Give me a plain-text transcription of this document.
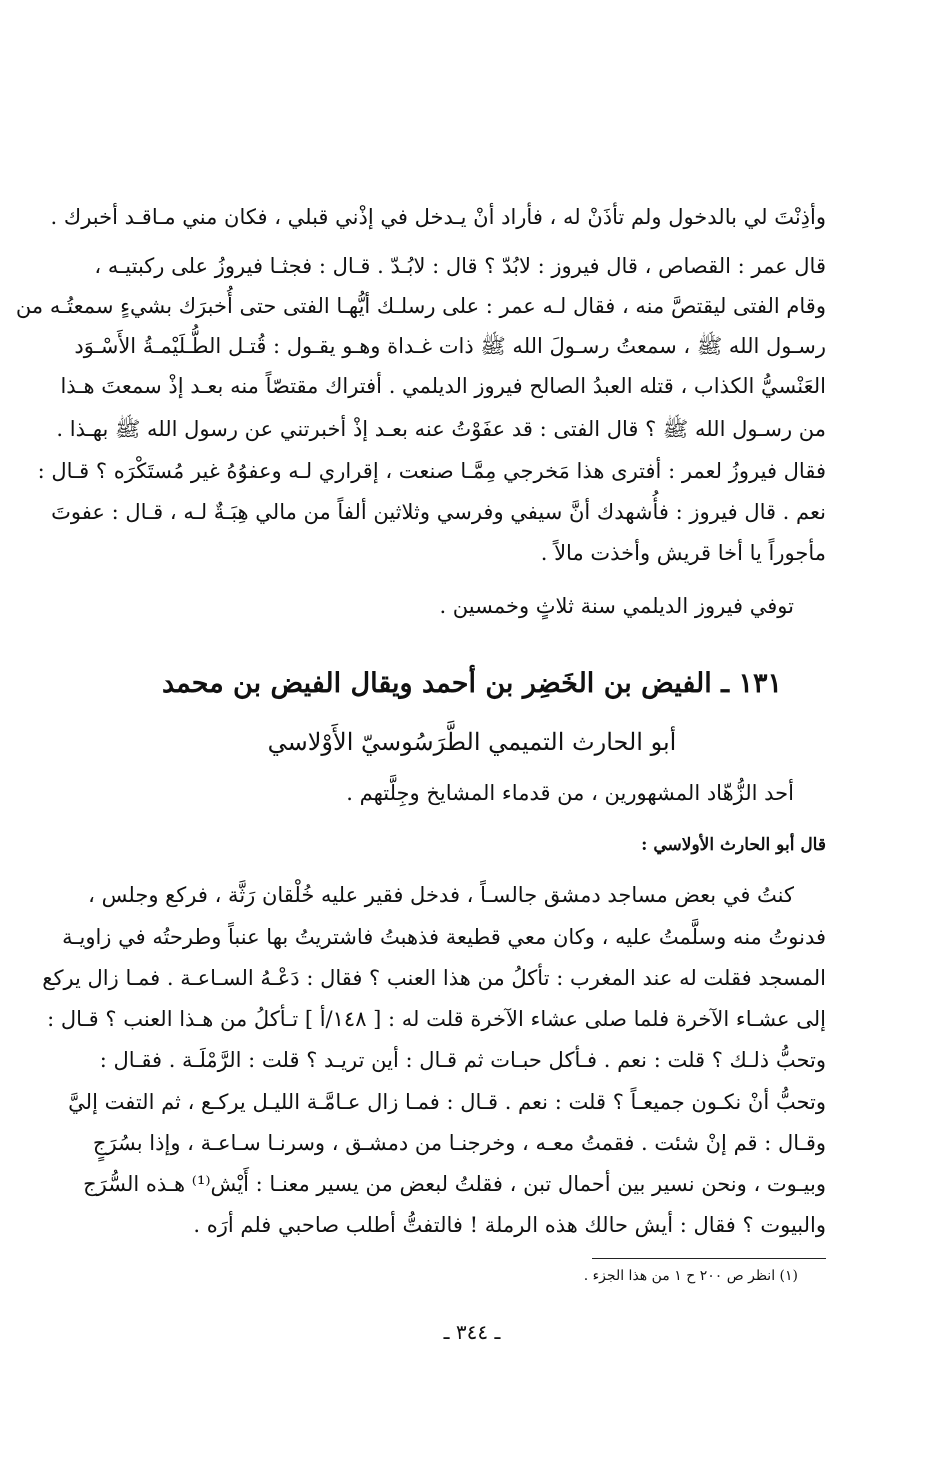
وأذِنْتَ لي بالدخول ولم تأذَنْ له ، فأراد أنْ يـدخل في إذْني قبلي ، فكان مني مـاقـد أخبرك .
قال عمر : القصاص ، قال فيروز : لابُدّ ؟ قال : لابُـدّ . قـال : فجثـا فيروزُ على ركبتيـه ،
وقام الفتى ليقتصَّ منه ، فقال لـه عمر : على رسلـك أيُّهـا الفتى حتى أُخبرَك بشيءٍ سمعتُـه من
رسـول الله ﷺ ، سمعتُ رسـولَ الله ﷺ ذات غـداة وهـو يقـول : قُتـل الطُّـلَيْمـةُ الأَسْـوَد
العَنْسيُّ الكذاب ، قتله العبدُ الصالح فيروز الديلمي . أفتراك مقتصّاً منه بعـد إذْ سمعتَ هـذا
من رسـول الله ﷺ ؟ قال الفتى : قد عفَوْتُ عنه بعـد إذْ أخبرتني عن رسول الله ﷺ بهـذا .
فقال فيروزُ لعمر : أفترى هذا مَخرجي مِمَّـا صنعت ، إقراري لـه وعفوُهُ غير مُستَكْرَه ؟ قـال :
نعم . قال فيروز : فأُشهدك أنَّ سيفي وفرسي وثلاثين ألفاً من مالي هِبَـةٌ لـه ، قـال : عفوتَ
مأجوراً يا أخا قريش وأخذت مالاً .
توفي فيروز الديلمي سنة ثلاثٍ وخمسين .
١٣١ ـ الفيض بن الخَضِر بن أحمد ويقال الفيض بن محمد
أبو الحارث التميمي الطَّرَسُوسيّ الأَوْلاسي
أحد الزُّهّاد المشهورين ، من قدماء المشايخ وجِلَّتهم .
قال أبو الحارث الأولاسي :
كنتُ في بعض مساجد دمشق جالسـاً ، فدخل فقير عليه خُلْقان رَثَّة ، فركع وجلس ،
فدنوتُ منه وسلَّمتُ عليه ، وكان معي قطيعة فذهبتُ فاشتريتُ بها عنباً وطرحتُه في زاويـة
المسجد فقلت له عند المغرب : تأكلُ من هذا العنب ؟ فقال : دَعْـهُ السـاعـة . فمـا زال يركع
إلى عشـاء الآخرة فلما صلى عشاء الآخرة قلت له : [ ١٤٨/أ ] تـأكلُ من هـذا العنب ؟ قـال :
وتحبُّ ذلـك ؟ قلت : نعم . فـأكل حبـات ثم قـال : أين تريـد ؟ قلت : الرَّمْلَـة . فقـال :
وتحبُّ أنْ نكـون جميعـاً ؟ قلت : نعم . قـال : فمـا زال عـامَّـة الليـل يركـع ، ثم التفت إليَّ
وقـال : قم إنْ شئت . فقمتُ معـه ، وخرجنـا من دمشـق ، وسرنـا سـاعـة ، وإذا بسُرَجٍ
وبيـوت ، ونحن نسير بين أحمال تبن ، فقلتُ لبعض من يسير معنـا : أَيْش⁽¹⁾ هـذه السُّرَج
والبيوت ؟ فقال : أيش حالك هذه الرملة ! فالتفتُّ أطلب صاحبي فلم أرَه .
(١) انظر ص ٢٠٠ ح ١ من هذا الجزء .
ـ ٣٤٤ ـ
